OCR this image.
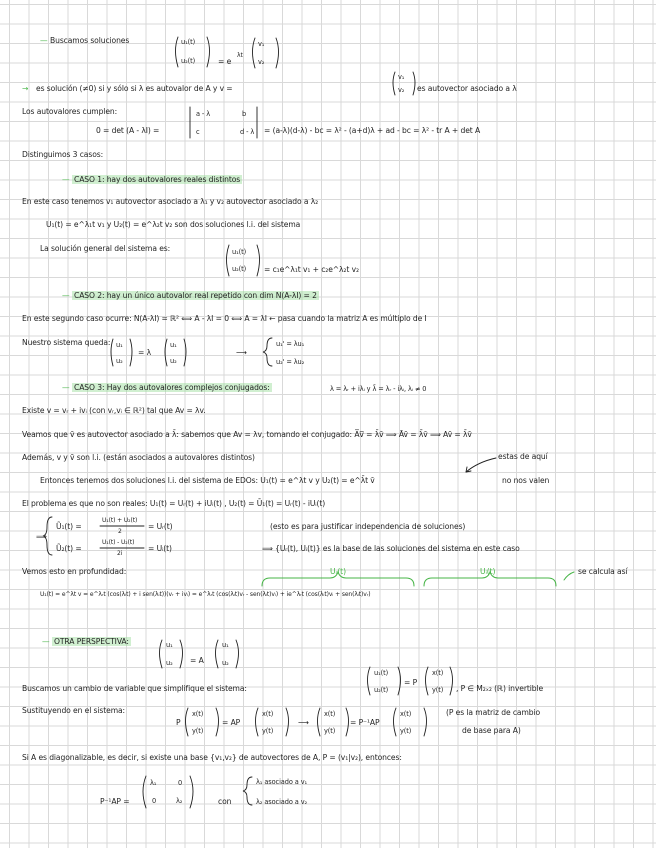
— Buscamos soluciones	u₁(t)
u₂(t)	= e
λt
v₁
v₂
→ es solución (≠0) si y sólo si λ es autovalor de A y v =
v₁
v₂ es autovector asociado a λ
Los autovalores cumplen:
0 = det (A - λI) =
a - λ	b
c	d - λ = (a-λ)(d-λ) - bc = λ² - (a+d)λ + ad - bc = λ² - tr A + det A
Distinguimos 3 casos:
— CASO 1: hay dos autovalores reales distintos
En este caso tenemos v₁ autovector asociado a λ₁ y v₂ autovector asociado a λ₂
U₁(t) = e^λ₁t v₁ y U₂(t) = e^λ₂t v₂ son dos soluciones l.i. del sistema
La solución general del sistema es:	u₁(t)
u₂(t) = c₁e^λ₁t v₁ + c₂e^λ₂t v₂
— CASO 2: hay un único autovalor real repetido con dim N(A-λI) = 2
En este segundo caso ocurre: N(A-λI) = ℝ² ⟺ A - λI = 0 ⟺ A = λI ← pasa cuando la matriz A es múltiplo de I
Nuestro sistema queda: u₁
u₂
= λ
u₁
u₂
⟶
u₁' = λu₁
u₂' = λu₂
— CASO 3: Hay dos autovalores complejos conjugados:	λ = λᵣ + iλᵢ y λ̄ = λᵣ - iλᵢ, λᵢ ≠ 0
Existe v = vᵣ + ivᵢ (con vᵣ,vᵢ ∈ ℝ²) tal que Av = λv.
Veamos que v̄ es autovector asociado a λ̄: sabemos que Av = λv, tomando el conjugado: A̅v̅ = λ̄v̄ ⟹ Āv̄ = λ̄v̄ ⟹ Av̄ = λ̄v̄
Además, v y v̄ son l.i. (están asociados a autovalores distintos)	estas de aquí
Entonces tenemos dos soluciones l.i. del sistema de EDOs: U₁(t) = e^λt v y U₂(t) = e^λ̄t v̄	no nos valen
El problema es que no son reales: U₁(t) = Uᵣ(t) + iUᵢ(t) , U₂(t) = Ū₁(t) = Uᵣ(t) - iUᵢ(t)
⟹
Ũ₁(t) =
U₁(t) + U₂(t)
2
= Uᵣ(t)	(esto es para justificar independencia de soluciones)
Ũ₂(t) =
U₁(t) - U₂(t)
2i
= Uᵢ(t)	⟹ {Uᵣ(t), Uᵢ(t)} es la base de las soluciones del sistema en este caso
Vemos esto en profundidad:	Uᵣ(t)	Uᵢ(t)	se calcula así
U₁(t) = e^λt v = e^λᵣt (cos(λᵢt) + i sen(λᵢt))(vᵣ + ivᵢ) = e^λᵣt (cos(λᵢt)vᵣ - sen(λᵢt)vᵢ) + ie^λᵣt (cos(λᵢt)vᵢ + sen(λᵢt)vᵣ)
— OTRA PERSPECTIVA:	u₁
u₂ = A
u₁
u₂
Buscamos un cambio de variable que simplifique el sistema:
u₁(t)
u₂(t)
= P
x(t)
y(t) , P ∈ M₂ₓ₂ (ℝ) invertible
Sustituyendo en el sistema:
P
x(t)
y(t)
= AP
x(t)
y(t)
⟶
x(t)
y(t)
= P⁻¹AP
x(t)
y(t)
(P es la matriz de cambio
de base para A)
Si A es diagonalizable, es decir, si existe una base {v₁,v₂} de autovectores de A, P = (v₁|v₂), entonces:
P⁻¹AP =
λ₁	0
0	λ₂	con
λ₁ asociado a v₁
λ₂ asociado a v₂
